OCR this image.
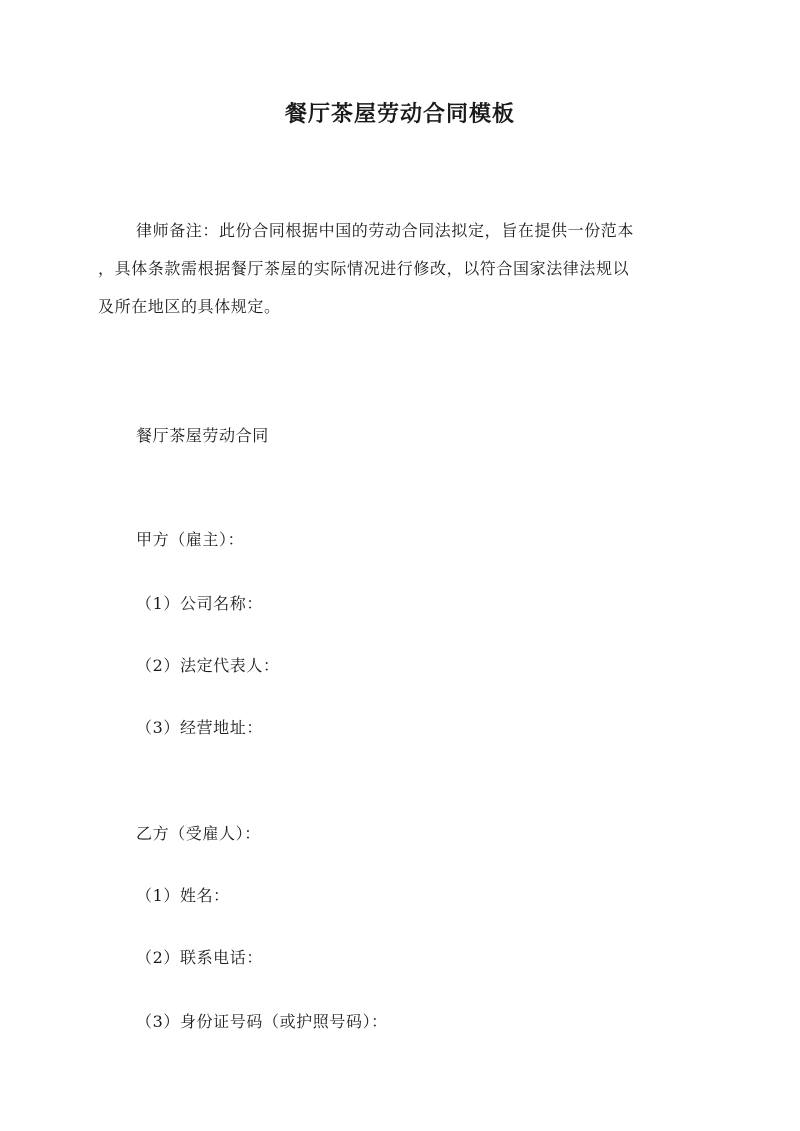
餐厅茶屋劳动合同模板
律师备注：此份合同根据中国的劳动合同法拟定，旨在提供一份范本
，具体条款需根据餐厅茶屋的实际情况进行修改，以符合国家法律法规以
及所在地区的具体规定。
餐厅茶屋劳动合同
甲方（雇主）：
（1）公司名称：
（2）法定代表人：
（3）经营地址：
乙方（受雇人）：
（1）姓名：
（2）联系电话：
（3）身份证号码（或护照号码）：
